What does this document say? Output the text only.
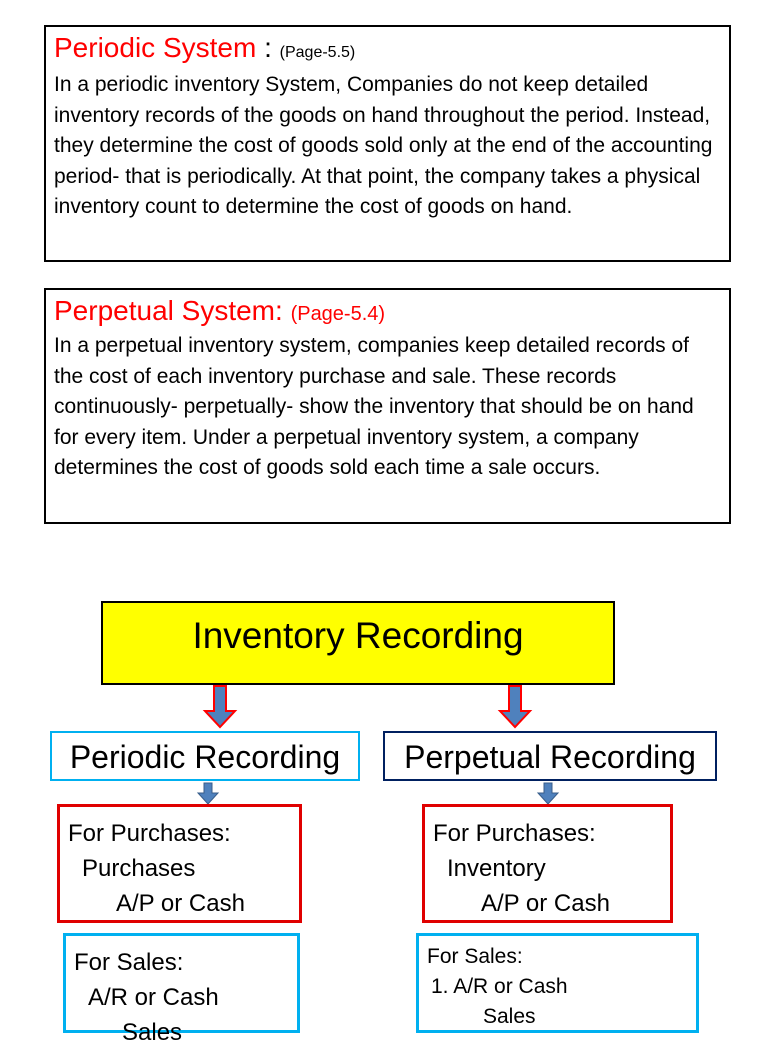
Periodic System : (Page-5.5)
In a periodic inventory System, Companies do not keep detailed inventory records of the goods on hand throughout the period. Instead, they determine the cost of goods sold only at the end of the accounting period- that is periodically. At that point, the company takes a physical inventory count to determine the cost of goods on hand.
Perpetual System: (Page-5.4)
In a perpetual inventory system, companies keep detailed records of the cost of each inventory purchase and sale. These records continuously- perpetually- show the inventory that should be on hand for every item. Under a perpetual inventory system, a company determines the cost of goods sold each time a sale occurs.
Inventory Recording
Periodic Recording	Perpetual Recording
For Purchases:
Purchases
A/P or Cash
For Purchases:
Inventory
A/P or Cash
For Sales:
A/R or Cash
Sales
For Sales:
1. A/R or Cash
Sales
